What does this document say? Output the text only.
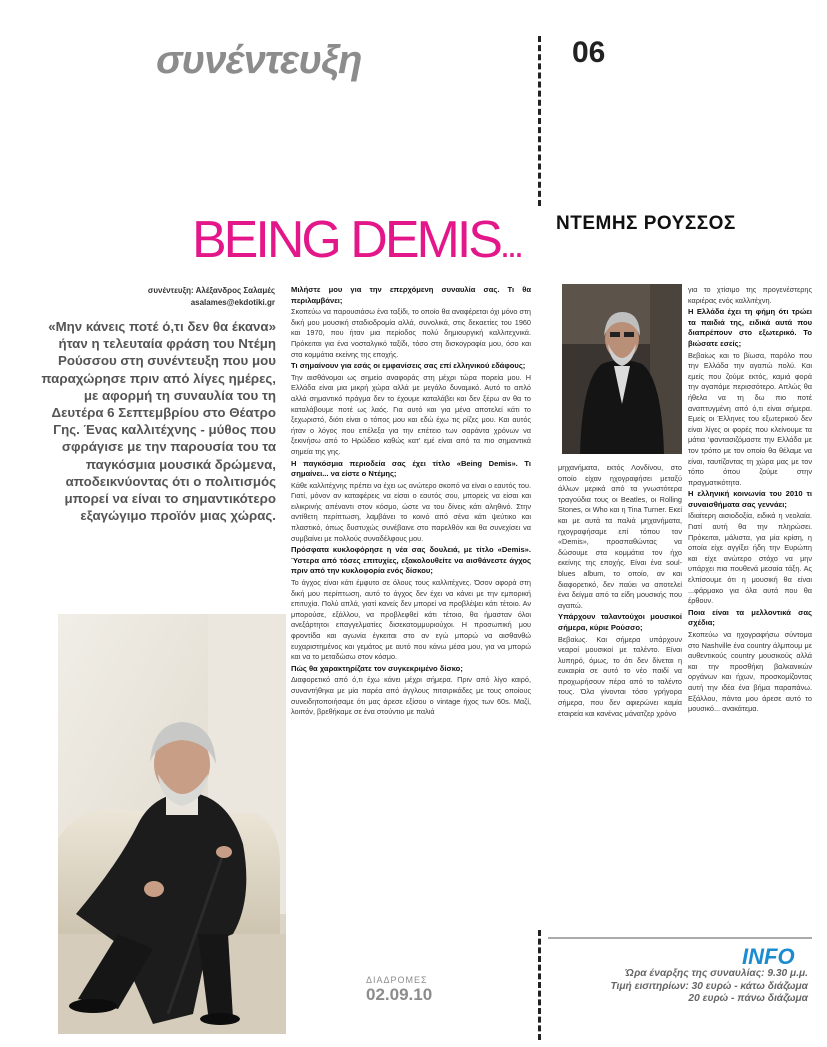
συνέντευξη	06
BEING DEMIS...
ΝΤΕΜΗΣ ΡΟΥΣΣΟΣ
συνέντευξη: Αλέξανδρος Σαλαμές
asalames@ekdotiki.gr
«Μην κάνεις ποτέ ό,τι δεν θα έκανα» ήταν η τελευταία φράση του Ντέμη Ρούσσου στη συνέντευξη που μου παραχώρησε πριν από λίγες ημέρες, με αφορμή τη συναυλία του τη Δευτέρα 6 Σεπτεμβρίου στο Θέατρο Γης. Ένας καλλιτέχνης - μύθος που σφράγισε με την παρουσία του τα παγκόσμια μουσικά δρώμενα, αποδεικνύοντας ότι ο πολιτισμός μπορεί να είναι το σημαντικότερο εξαγώγιμο προϊόν μιας χώρας.

Μιλήστε μου για την επερχόμενη συναυλία σας. Τι θα περιλαμβάνει;

Σκοπεύω να παρουσιάσω ένα ταξίδι, το οποίο θα αναφέρεται όχι μόνο στη δική μου μουσική σταδιοδρομία αλλά, συνολικά, στις δεκαετίες του 1960 και 1970, που ήταν μια περίοδος πολύ δημιουργική καλλιτεχνικά. Πρόκειται για ένα νοσταλγικό ταξίδι, τόσο στη δισκογραφία μου, όσο και στα κομμάτια εκείνης της εποχής.

Τι σημαίνουν για εσάς οι εμφανίσεις σας επί ελληνικού εδάφους;

Την αισθάνομαι ως σημείο αναφοράς στη μέχρι τώρα πορεία μου. Η Ελλάδα είναι μια μικρή χώρα αλλά με μεγάλο δυναμικό. Αυτό το απλό αλλά σημαντικό πράγμα δεν το έχουμε καταλάβει και δεν ξέρω αν θα το καταλάβουμε ποτέ ως λαός. Για αυτό και για μένα αποτελεί κάτι το ξεχωριστό, διότι είναι ο τόπος μου και εδώ έχω τις ρίζες μου. Και αυτός ήταν ο λόγος που επέλεξα για την επέτειο των σαράντα χρόνων να ξεκινήσω από το Ηρώδειο καθώς κατ’ εμέ είναι από τα πιο σημαντικά σημεία της γης.

Η παγκόσμια περιοδεία σας έχει τίτλο «Being Demis». Τι σημαίνει... να είστε ο Ντέμης;

Κάθε καλλιτέχνης πρέπει να έχει ως ανώτερο σκοπό να είναι ο εαυτός του. Γιατί, μόνον αν καταφέρεις να είσαι ο εαυτός σου, μπορείς να είσαι και ειλικρινής απέναντι στον κόσμο, ώστε να του δίνεις κάτι αληθινό. Στην αντίθετη περίπτωση, λαμβάνει το κοινό από σένα κάτι ψεύτικο και πλαστικό, όπως δυστυχώς συνέβαινε στο παρελθόν και θα συνεχίσει να συμβαίνει με πολλούς συναδέλφους μου.

Πρόσφατα κυκλοφόρησε η νέα σας δουλειά, με τίτλο «Demis». Ύστερα από τόσες επιτυχίες, εξακολουθείτε να αισθάνεστε άγχος πριν από την κυκλοφορία ενός δίσκου;

Το άγχος είναι κάτι έμφυτο σε όλους τους καλλιτέχνες. Όσον αφορά στη δική μου περίπτωση, αυτό το άγχος δεν έχει να κάνει με την εμπορική επιτυχία. Πολύ απλά, γιατί κανείς δεν μπορεί να προβλέψει κάτι τέτοιο. Αν μπορούσε, εξάλλου, να προβλεφθεί κάτι τέτοιο, θα ήμασταν όλοι ανεξάρτητοι επαγγελματίες δισεκατομμυριούχοι. Η προσωπική μου φροντίδα και αγωνία έγκειται στο αν εγώ μπορώ να αισθανθώ ευχαριστημένος και γεμάτος με αυτό που κάνω μέσα μου, για να μπορώ και να το μεταδώσω στον κόσμο.

Πώς θα χαρακτηρίζατε τον συγκεκριμένο δίσκο;

Διαφορετικό από ό,τι έχω κάνει μέχρι σήμερα. Πριν από λίγο καιρό, συναντήθηκα με μία παρέα από άγγλους πιτσιρικάδες με τους οποίους συνειδητοποιήσαμε ότι μας άρεσε εξίσου ο vintage ήχος των 60s. Μαζί, λοιπόν, βρεθήκαμε σε ένα στούντιο με παλιά

μηχανήματα, εκτός Λονδίνου, στο οποίο είχαν ηχογραφήσει μεταξύ άλλων μερικά από τα γνωστότερα τραγούδια τους οι Beatles, οι Rolling Stones, οι Who και η Tina Turner. Εκεί και με αυτά τα παλιά μηχανήματα, ηχογραφήσαμε επί τόπου τον «Demis», προσπαθώντας να δώσουμε στα κομμάτια τον ήχο εκείνης της εποχής. Είναι ένα soul-blues album, το οποίο, αν και διαφορετικό, δεν παύει να αποτελεί ένα δείγμα από τα είδη μουσικής που αγαπώ.

Υπάρχουν ταλαντούχοι μουσικοί σήμερα, κύριε Ρούσσο;

Βεβαίως. Και σήμερα υπάρχουν νεαροί μουσικοί με ταλέντο. Είναι λυπηρό, όμως, το ότι δεν δίνεται η ευκαιρία σε αυτό το νέο παιδί να προχωρήσουν πέρα από το ταλέντο τους. Όλα γίνονται τόσο γρήγορα σήμερα, που δεν αφιερώνει καμία εταιρεία και κανένας μάνατζερ χρόνο

για το χτίσιμο της προγενέστερης καριέρας ενός καλλιτέχνη.

Η Ελλάδα έχει τη φήμη ότι τρώει τα παιδιά της, ειδικά αυτά που διαπρέπουν στο εξωτερικό. Το βιώσατε εσείς;

Βεβαίως και το βίωσα, παρόλο που την Ελλάδα την αγαπώ πολύ. Και εμείς που ζούμε εκτός, καμιά φορά την αγαπάμε περισσότερο. Απλώς θα ήθελα να τη δω πιο ποτέ αναπτυγμένη από ό,τι είναι σήμερα. Εμείς οι Έλληνες του εξωτερικού δεν είναι λίγες οι φορές που κλείνουμε τα μάτια ‘φαντασιζόμαστε την Ελλάδα με τον τρόπο με τον οποίο θα θέλαμε να είναι, ταυτίζοντας τη χώρα μας με τον τόπο όπου ζούμε στην πραγματικότητα.

Η ελληνική κοινωνία του 2010 τι συναισθήματα σας γεννάει;

Ιδιαίτερη αισιοδοξία, ειδικά η νεολαία. Γιατί αυτή θα την πληρώσει. Πρόκειται, μάλιστα, για μία κρίση, η οποία είχε αγγίξει ήδη την Ευρώπη και είχε ανώτερο στόχο να μην υπάρχει πια πουθενά μεσαία τάξη. Ας ελπίσουμε ότι η μουσική θα είναι ...φάρμακο για όλα αυτά που θα έρθουν.

Ποια είναι τα μελλοντικά σας σχέδια;

Σκοπεύω να ηχογραφήσω σύντομα στο Nashville ένα country άλμπουμ με αυθεντικούς country μουσικούς αλλά και την προσθήκη βαλκανικών οργάνων και ήχων, προσκομίζοντας αυτή την ιδέα ένα βήμα παραπάνω. Εξάλλου, πάντα μου άρεσε αυτό το μουσικό... ανακάτεμα.

ΔΙΑΔΡΟΜΕΣ
02.09.10
INFO
Ώρα έναρξης της συναυλίας: 9.30 μ.μ.
Τιμή εισιτηρίων: 30 ευρώ - κάτω διάζωμα
20 ευρώ - πάνω διάζωμα
